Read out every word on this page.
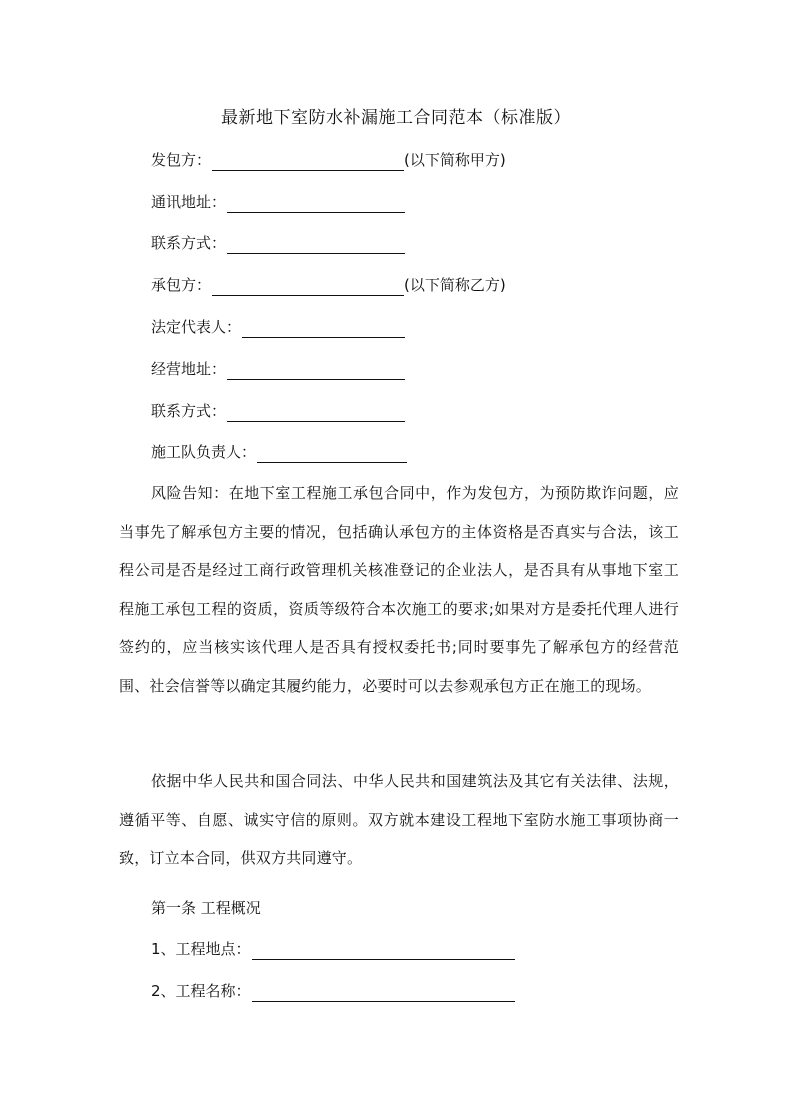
最新地下室防水补漏施工合同范本（标准版）
发包方：	(以下简称甲方)
通讯地址：
联系方式：
承包方：	(以下简称乙方)
法定代表人：
经营地址：
联系方式：
施工队负责人：
风险告知：在地下室工程施工承包合同中，作为发包方，为预防欺诈问题，应当事先了解承包方主要的情况，包括确认承包方的主体资格是否真实与合法，该工程公司是否是经过工商行政管理机关核准登记的企业法人，是否具有从事地下室工程施工承包工程的资质，资质等级符合本次施工的要求;如果对方是委托代理人进行签约的，应当核实该代理人是否具有授权委托书;同时要事先了解承包方的经营范围、社会信誉等以确定其履约能力，必要时可以去参观承包方正在施工的现场。
依据中华人民共和国合同法、中华人民共和国建筑法及其它有关法律、法规，遵循平等、自愿、诚实守信的原则。双方就本建设工程地下室防水施工事项协商一致，订立本合同，供双方共同遵守。
第一条 工程概况
1、工程地点：
2、工程名称：
